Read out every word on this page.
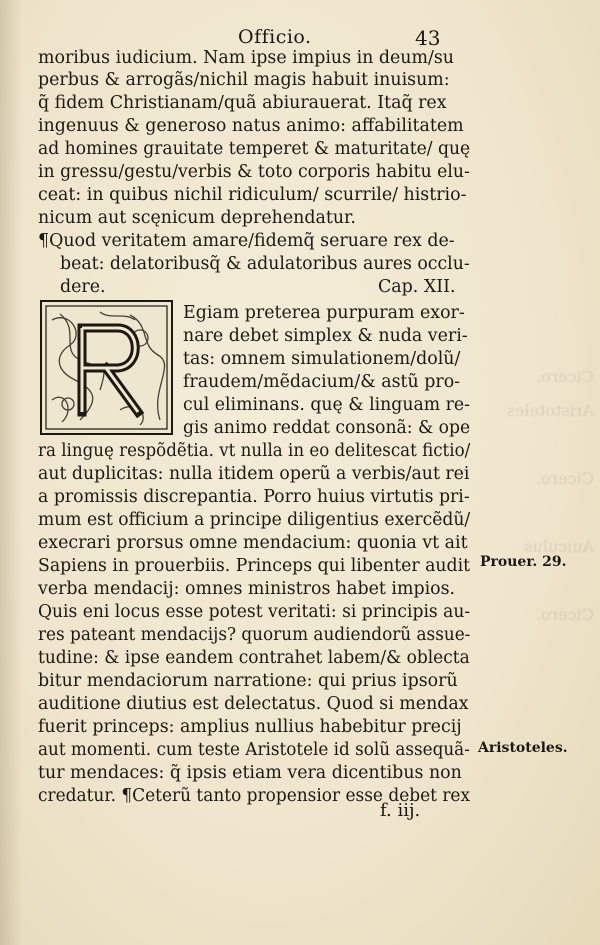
Cicero.
Aristoteles

Cicero.

Auiculus

Cicero.
Officio.	43
moribus iudicium. Nam ipse impius in deum/su
perbus & arrogãs/nichil magis habuit inuisum:
q̃ fidem Christianam/quã abiurauerat. Itaq̃ rex
ingenuus & generoso natus animo: affabilitatem
ad homines grauitate temperet & maturitate/ quę
in gressu/gestu/verbis & toto corporis habitu elu-
ceat: in quibus nichil ridiculum/ scurrile/ histrio-
nicum aut scęnicum deprehendatur.
¶Quod veritatem amare/fidemq̃ seruare rex de-
beat: delatoribusq̃ & adulatoribus aures occlu-
dere.	Cap. XII.
Egiam preterea purpuram exor-
nare debet simplex & nuda veri-
tas: omnem simulationem/dolũ/
fraudem/mẽdacium/& astũ pro-
cul eliminans. quę & linguam re-
gis animo reddat consonã: & ope
ra linguę respõdẽtia. vt nulla in eo delitescat fictio/
aut duplicitas: nulla itidem operũ a verbis/aut rei
a promissis discrepantia. Porro huius virtutis pri-
mum est officium a principe diligentius exercẽdũ/
execrari prorsus omne mendacium: quonia vt ait
Sapiens in prouerbiis. Princeps qui libenter audit
verba mendacij: omnes ministros habet impios.
Quis eni locus esse potest veritati: si principis au-
res pateant mendacijs? quorum audiendorũ assue-
tudine: & ipse eandem contrahet labem/& oblecta
bitur mendaciorum narratione: qui prius ipsorũ
auditione diutius est delectatus. Quod si mendax
fuerit princeps: amplius nullius habebitur precij
aut momenti. cum teste Aristotele id solũ assequã-
tur mendaces: q̃ ipsis etiam vera dicentibus non
credatur. ¶Ceterũ tanto propensior esse debet rex
Prouer. 29.
Aristoteles.
f. iij.
